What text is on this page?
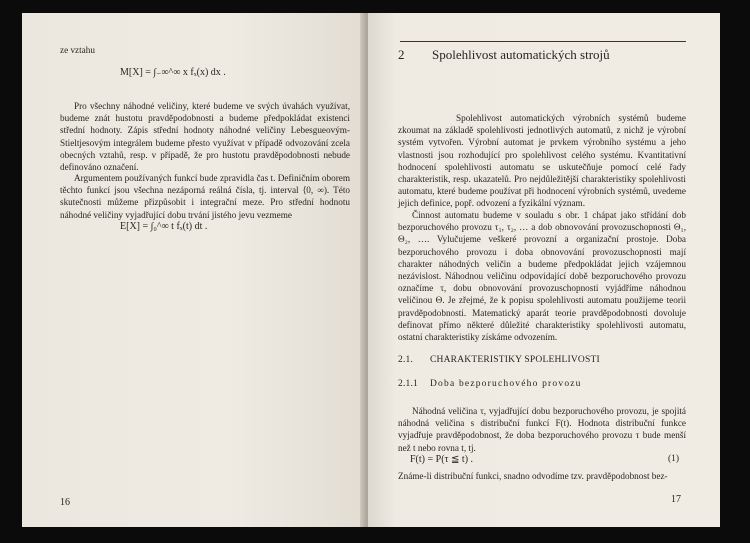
ze vztahu
M[X] = ∫₋∞^∞ x fₓ(x) dx .

Pro všechny náhodné veličiny, které budeme ve svých úvahách využívat, budeme znát hustotu pravděpodobnosti a budeme předpokládat existenci střední hodnoty. Zápis střední hodnoty náhodné veličiny Lebesgueovým-Stieltjesovým integrálem budeme přesto využívat v případě odvozování zcela obecných vztahů, resp. v případě, že pro hustotu pravděpodobnosti nebude definováno označení.

Argumentem používaných funkcí bude zpravidla čas t. Definičním oborem těchto funkcí jsou všechna nezáporná reálná čísla, tj. interval ⟨0, ∞). Této skutečnosti můžeme přizpůsobit i integrační meze. Pro střední hodnotu náhodné veličiny vyjadřující dobu trvání jistého jevu vezmeme

E[X] = ∫₀^∞ t fₓ(t) dt .
16
2 Spolehlivost automatických strojů

Spolehlivost automatických výrobních systémů budeme zkoumat na základě spolehlivosti jednotlivých automatů, z nichž je výrobní systém vytvořen. Výrobní automat je prvkem výrobního systému a jeho vlastnosti jsou rozhodující pro spolehlivost celého systému. Kvantitativní hodnocení spolehlivosti automatu se uskutečňuje pomocí celé řady charakteristik, resp. ukazatelů. Pro nejdůležitější charakteristiky spolehlivosti automatu, které budeme používat při hodnocení výrobních systémů, uvedeme jejich definice, popř. odvození a fyzikální význam.

Činnost automatu budeme v souladu s obr. 1 chápat jako střídání dob bezporuchového provozu τ₁, τ₂, … a dob obnovování provozuschopnosti Θ₁, Θ₂, …. Vylučujeme veškeré provozní a organizační prostoje. Doba bezporuchového provozu i doba obnovování provozuschopnosti mají charakter náhodných veličin a budeme předpokládat jejich vzájemnou nezávislost. Náhodnou veličinu odpovídající době bezporuchového provozu označíme τ, dobu obnovování provozuschopnosti vyjádříme náhodnou veličinou Θ. Je zřejmé, že k popisu spolehlivosti automatu použijeme teorii pravděpodobnosti. Matematický aparát teorie pravděpodobnosti dovoluje definovat přímo některé důležité charakteristiky spolehlivosti automatu, ostatní charakteristiky získáme odvozením.

2.1. CHARAKTERISTIKY SPOLEHLIVOSTI
2.1.1 Doba bezporuchového provozu

Náhodná veličina τ, vyjadřující dobu bezporuchového provozu, je spojitá náhodná veličina s distribuční funkcí F(t). Hodnota distribuční funkce vyjadřuje pravděpodobnost, že doba bezporuchového provozu τ bude menší než t nebo rovna t, tj.

F(t) = P(τ ≦ t) .	(1)

Známe-li distribuční funkci, snadno odvodíme tzv. pravděpodobnost bez-

17
